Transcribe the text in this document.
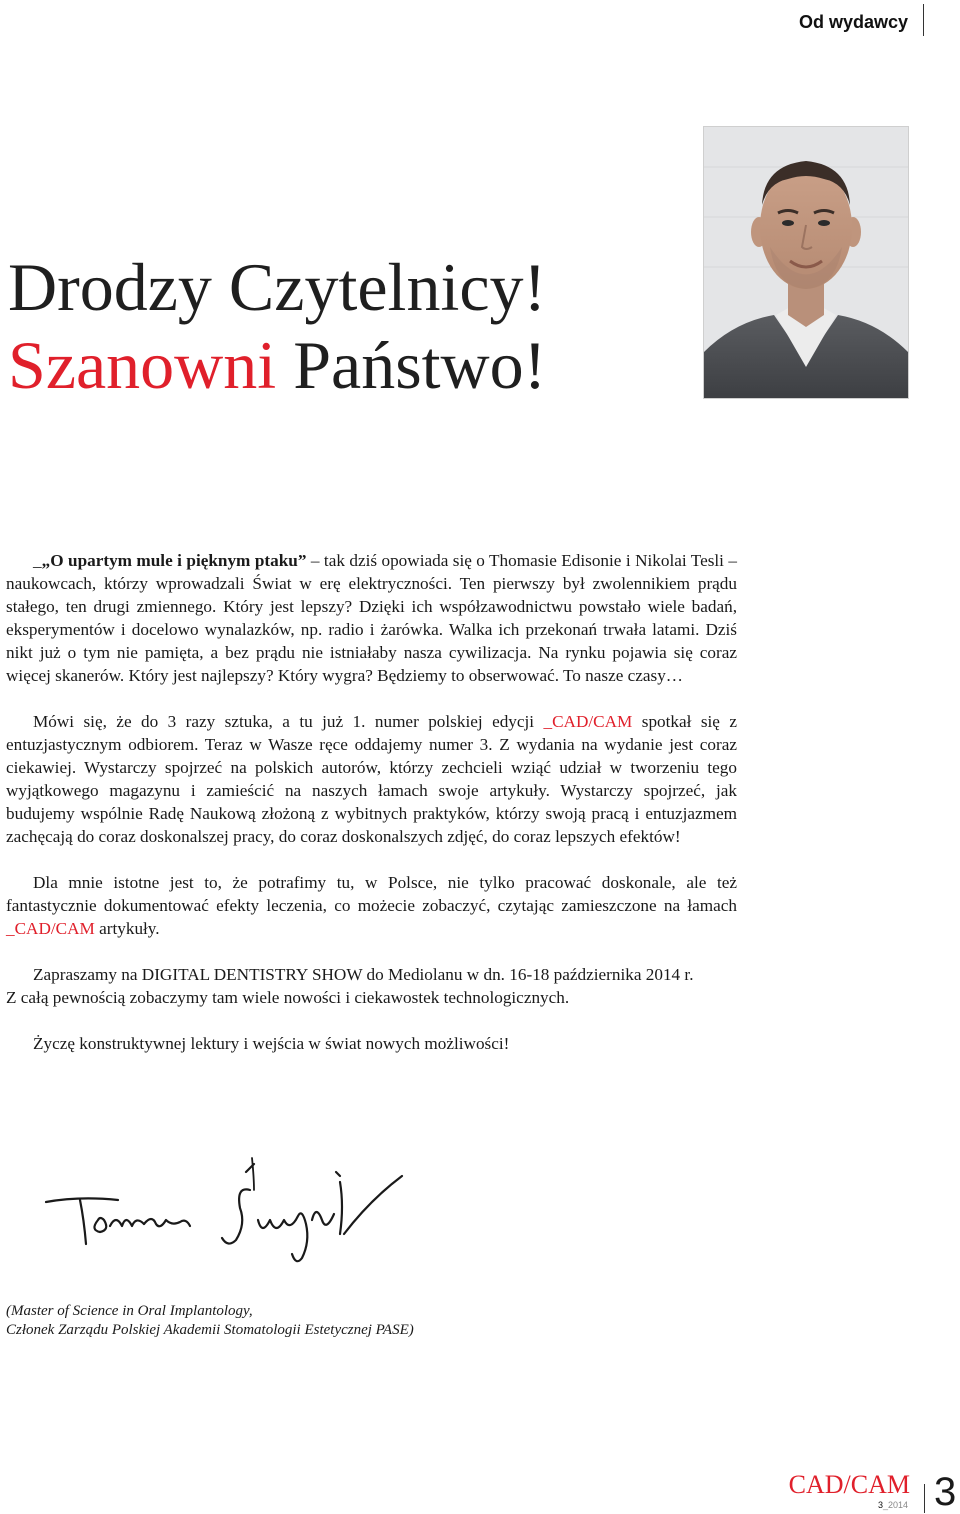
Od wydawcy
Drodzy Czytelnicy!
Szanowni Państwo!

_„O upartym mule i pięknym ptaku” – tak dziś opowiada się o Thomasie Edisonie i Nikolai Tesli – naukowcach, którzy wprowadzali Świat w erę elektryczności. Ten pierwszy był zwolennikiem prądu stałego, ten drugi zmiennego. Który jest lepszy? Dzięki ich współzawodnictwu powstało wiele badań, eksperymentów i docelowo wynalazków, np. radio i żarówka. Walka ich przekonań trwała latami. Dziś nikt już o tym nie pamięta, a bez prądu nie istniałaby nasza cywilizacja. Na rynku pojawia się coraz więcej skanerów. Który jest najlepszy? Który wygra? Będziemy to obserwować. To nasze czasy…

Mówi się, że do 3 razy sztuka, a tu już 1. numer polskiej edycji _CAD/CAM spotkał się z entuzjastycznym odbiorem. Teraz w Wasze ręce oddajemy numer 3. Z wydania na wydanie jest coraz ciekawiej. Wystarczy spojrzeć na polskich autorów, którzy zechcieli wziąć udział w tworzeniu tego wyjątkowego magazynu i zamieścić na naszych łamach swoje artykuły. Wystarczy spojrzeć, jak budujemy wspólnie Radę Naukową złożoną z wybitnych praktyków, którzy swoją pracą i entuzjazmem zachęcają do coraz doskonalszej pracy, do coraz doskonalszych zdjęć, do coraz lepszych efektów!

Dla mnie istotne jest to, że potrafimy tu, w Polsce, nie tylko pracować doskonale, ale też fantastycznie dokumentować efekty leczenia, co możecie zobaczyć, czytając zamieszczone na łamach _CAD/CAM artykuły.

Zapraszamy na DIGITAL DENTISTRY SHOW do Mediolanu w dn. 16-18 października 2014 r.
Z całą pewnością zobaczymy tam wiele nowości i ciekawostek technologicznych.

Życzę konstruktywnej lektury i wejścia w świat nowych możliwości!

(Master of Science in Oral Implantology,
Członek Zarządu Polskiej Akademii Stomatologii Estetycznej PASE)
CAD/CAM
3_2014 3
